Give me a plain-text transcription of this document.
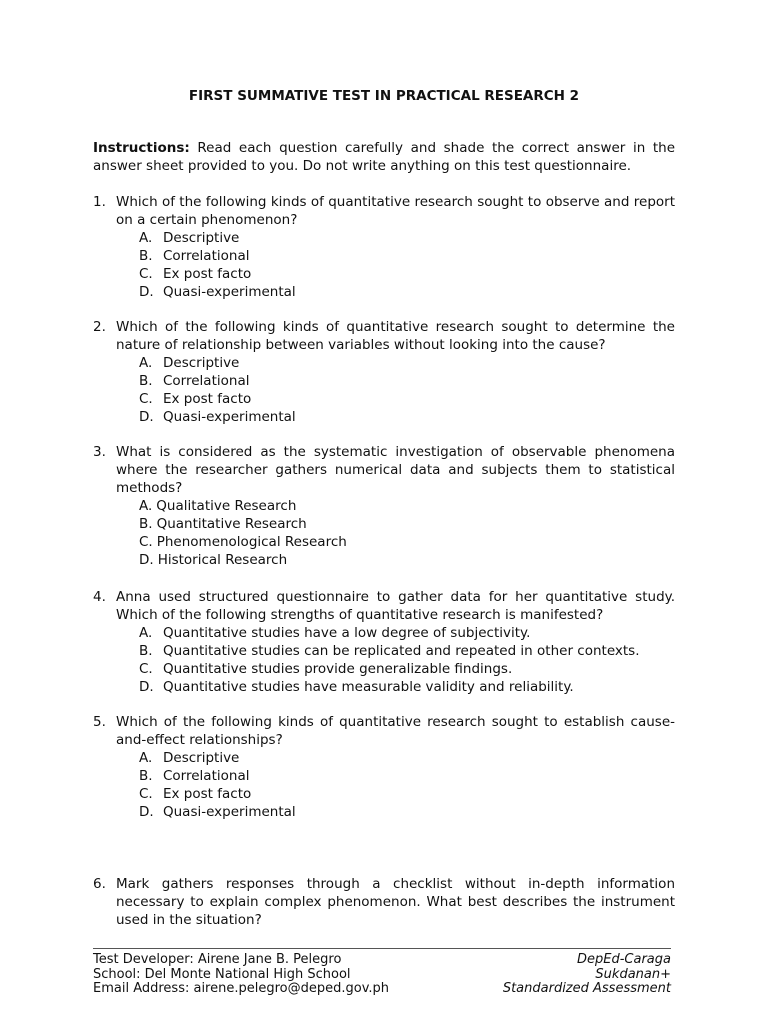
FIRST SUMMATIVE TEST IN PRACTICAL RESEARCH 2

Instructions: Read each question carefully and shade the correct answer in the answer sheet provided to you. Do not write anything on this test questionnaire.

1. Which of the following kinds of quantitative research sought to observe and report on a certain phenomenon?
A. Descriptive
B. Correlational
C. Ex post facto
D. Quasi-experimental
2. Which of the following kinds of quantitative research sought to determine the nature of relationship between variables without looking into the cause?
A. Descriptive
B. Correlational
C. Ex post facto
D. Quasi-experimental
3. What is considered as the systematic investigation of observable phenomena where the researcher gathers numerical data and subjects them to statistical methods?
A. Qualitative Research
B. Quantitative Research
C. Phenomenological Research
D. Historical Research
4. Anna used structured questionnaire to gather data for her quantitative study. Which of the following strengths of quantitative research is manifested?
A. Quantitative studies have a low degree of subjectivity.
B. Quantitative studies can be replicated and repeated in other contexts.
C. Quantitative studies provide generalizable findings.
D. Quantitative studies have measurable validity and reliability.
5. Which of the following kinds of quantitative research sought to establish cause-and-effect relationships?
A. Descriptive
B. Correlational
C. Ex post facto
D. Quasi-experimental
6. Mark gathers responses through a checklist without in-depth information necessary to explain complex phenomenon. What best describes the instrument used in the situation?
Test Developer: Airene Jane B. Pelegro
School: Del Monte National High School
Email Address: airene.pelegro@deped.gov.ph
DepEd-Caraga
Sukdanan+
Standardized Assessment
